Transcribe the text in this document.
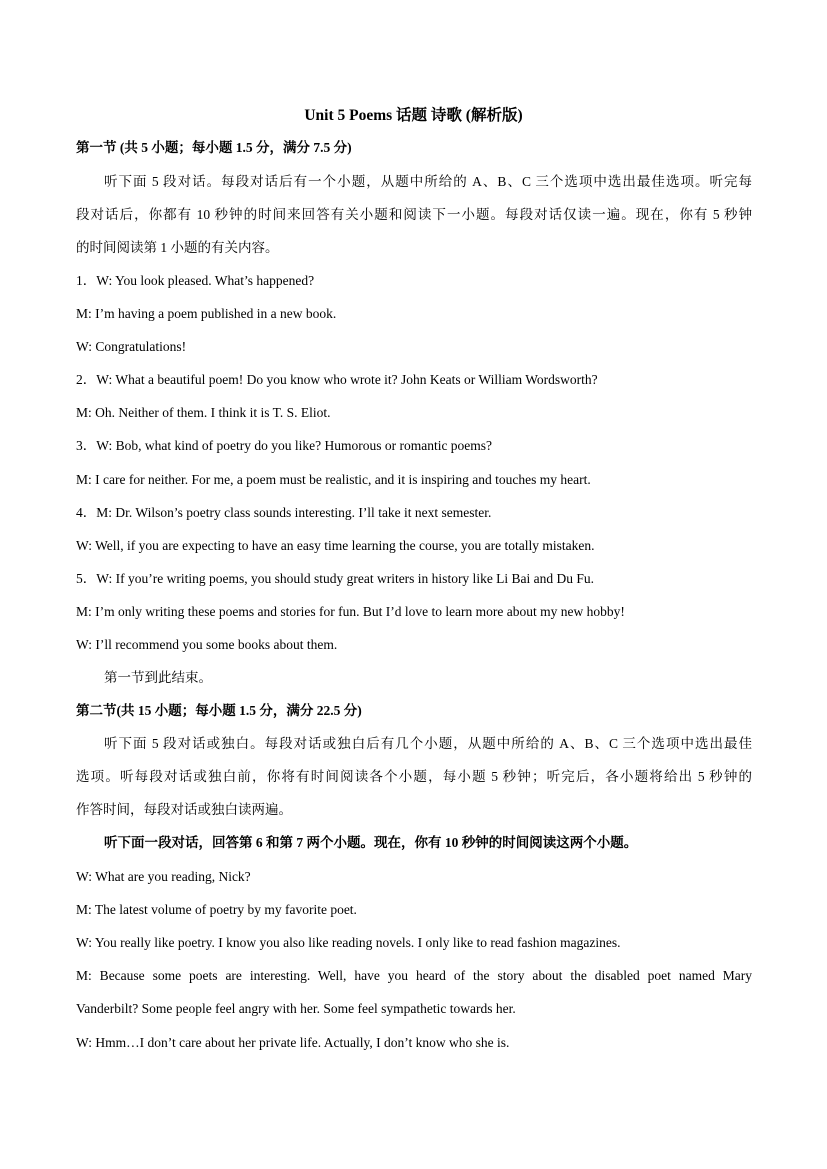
Unit 5 Poems 话题 诗歌 (解析版)
第一节 (共 5 小题；每小题 1.5 分，满分 7.5 分)
听下面 5 段对话。每段对话后有一个小题，从题中所给的 A、B、C 三个选项中选出最佳选项。听完每
段对话后，你都有 10 秒钟的时间来回答有关小题和阅读下一小题。每段对话仅读一遍。现在，你有 5 秒钟
的时间阅读第 1 小题的有关内容。
1．W: You look pleased. What’s happened?
M: I’m having a poem published in a new book.
W: Congratulations!
2．W: What a beautiful poem! Do you know who wrote it? John Keats or William Wordsworth?
M: Oh. Neither of them. I think it is T. S. Eliot.
3．W: Bob, what kind of poetry do you like? Humorous or romantic poems?
M: I care for neither. For me, a poem must be realistic, and it is inspiring and touches my heart.
4．M: Dr. Wilson’s poetry class sounds interesting. I’ll take it next semester.
W: Well, if you are expecting to have an easy time learning the course, you are totally mistaken.
5．W: If you’re writing poems, you should study great writers in history like Li Bai and Du Fu.
M: I’m only writing these poems and stories for fun. But I’d love to learn more about my new hobby!
W: I’ll recommend you some books about them.
第一节到此结束。
第二节(共 15 小题；每小题 1.5 分，满分 22.5 分)
听下面 5 段对话或独白。每段对话或独白后有几个小题，从题中所给的 A、B、C 三个选项中选出最佳
选项。听每段对话或独白前，你将有时间阅读各个小题，每小题 5 秒钟；听完后，各小题将给出 5 秒钟的
作答时间，每段对话或独白读两遍。
听下面一段对话，回答第 6 和第 7 两个小题。现在，你有 10 秒钟的时间阅读这两个小题。
W: What are you reading, Nick?
M: The latest volume of poetry by my favorite poet.
W: You really like poetry. I know you also like reading novels. I only like to read fashion magazines.
M: Because some poets are interesting. Well, have you heard of the story about the disabled poet named Mary
Vanderbilt? Some people feel angry with her. Some feel sympathetic towards her.
W: Hmm…I don’t care about her private life. Actually, I don’t know who she is.
